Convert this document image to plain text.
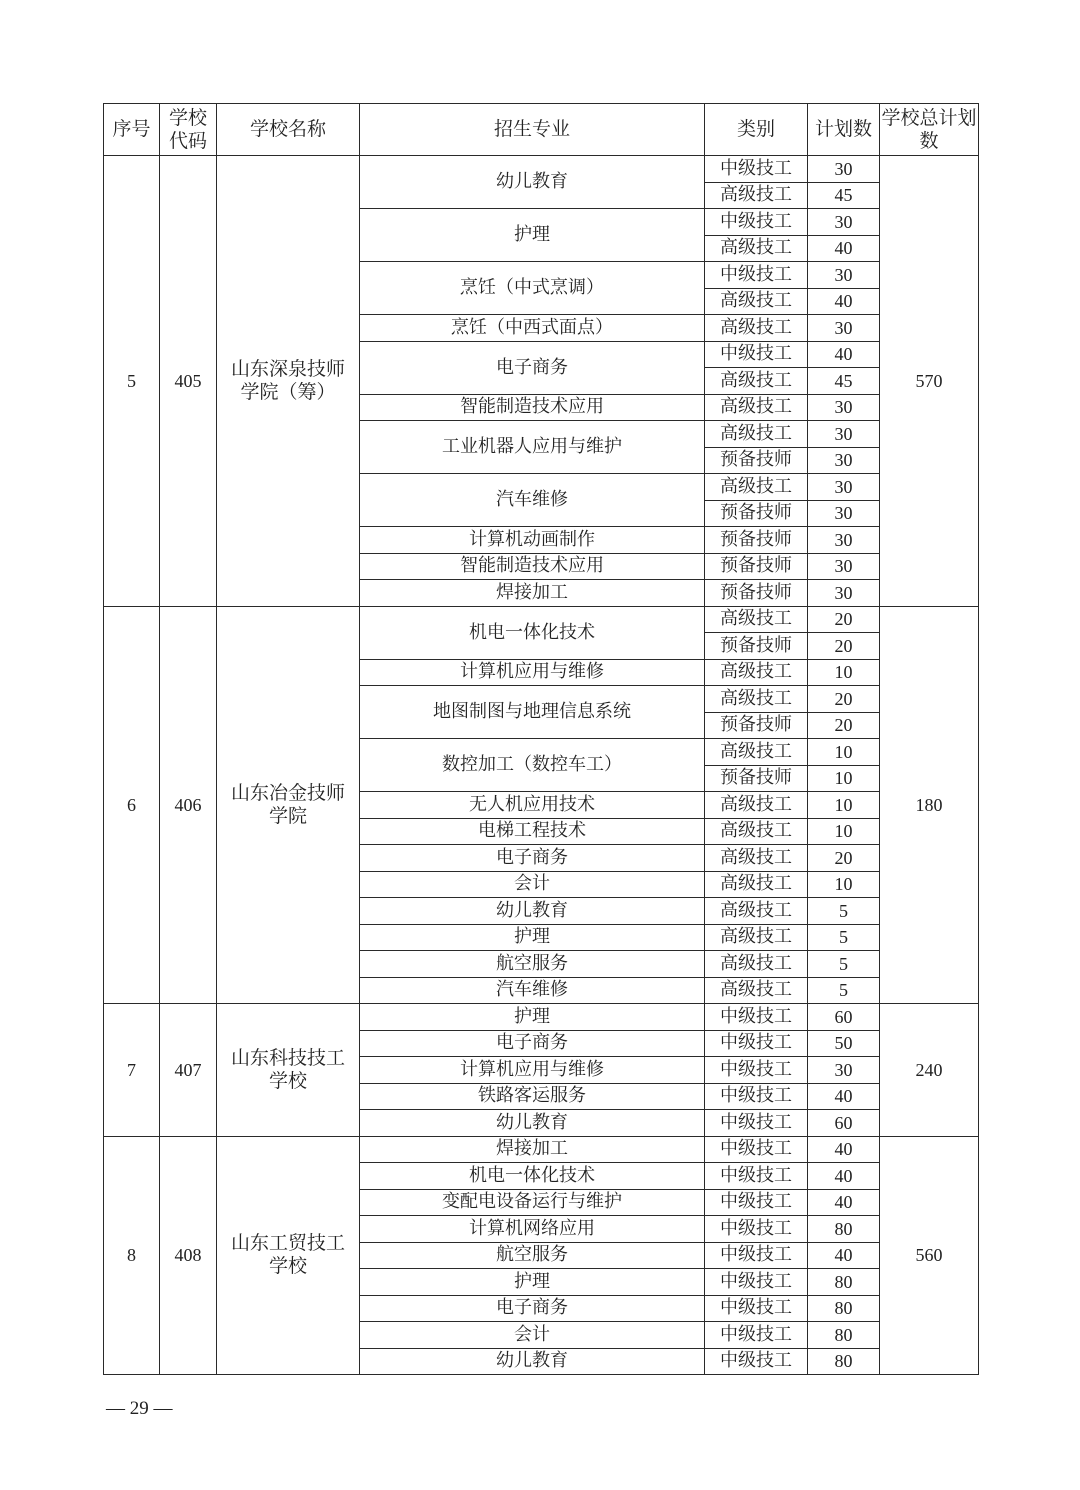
序号	学校代码	学校名称	招生专业	类别	计划数	学校总计划数
5	405	山东深泉技师学院（筹）	幼儿教育	中级技工	30	570
				高级技工	45	
			护理	中级技工	30	
				高级技工	40	
			烹饪（中式烹调）	中级技工	30	
				高级技工	40	
			烹饪（中西式面点）	高级技工	30	
			电子商务	中级技工	40	
				高级技工	45	
			智能制造技术应用	高级技工	30	
			工业机器人应用与维护	高级技工	30	
				预备技师	30	
			汽车维修	高级技工	30	
				预备技师	30	
			计算机动画制作	预备技师	30	
			智能制造技术应用	预备技师	30	
			焊接加工	预备技师	30	
6	406	山东冶金技师学院	机电一体化技术	高级技工	20	180
				预备技师	20	
			计算机应用与维修	高级技工	10	
			地图制图与地理信息系统	高级技工	20	
				预备技师	20	
			数控加工（数控车工）	高级技工	10	
				预备技师	10	
			无人机应用技术	高级技工	10	
			电梯工程技术	高级技工	10	
			电子商务	高级技工	20	
			会计	高级技工	10	
			幼儿教育	高级技工	5	
			护理	高级技工	5	
			航空服务	高级技工	5	
			汽车维修	高级技工	5	
7	407	山东科技技工学校	护理	中级技工	60	240
			电子商务	中级技工	50	
			计算机应用与维修	中级技工	30	
			铁路客运服务	中级技工	40	
			幼儿教育	中级技工	60	
8	408	山东工贸技工学校	焊接加工	中级技工	40	560
			机电一体化技术	中级技工	40	
			变配电设备运行与维护	中级技工	40	
			计算机网络应用	中级技工	80	
			航空服务	中级技工	40	
			护理	中级技工	80	
			电子商务	中级技工	80	
			会计	中级技工	80	
			幼儿教育	中级技工	80	
— 29 —
